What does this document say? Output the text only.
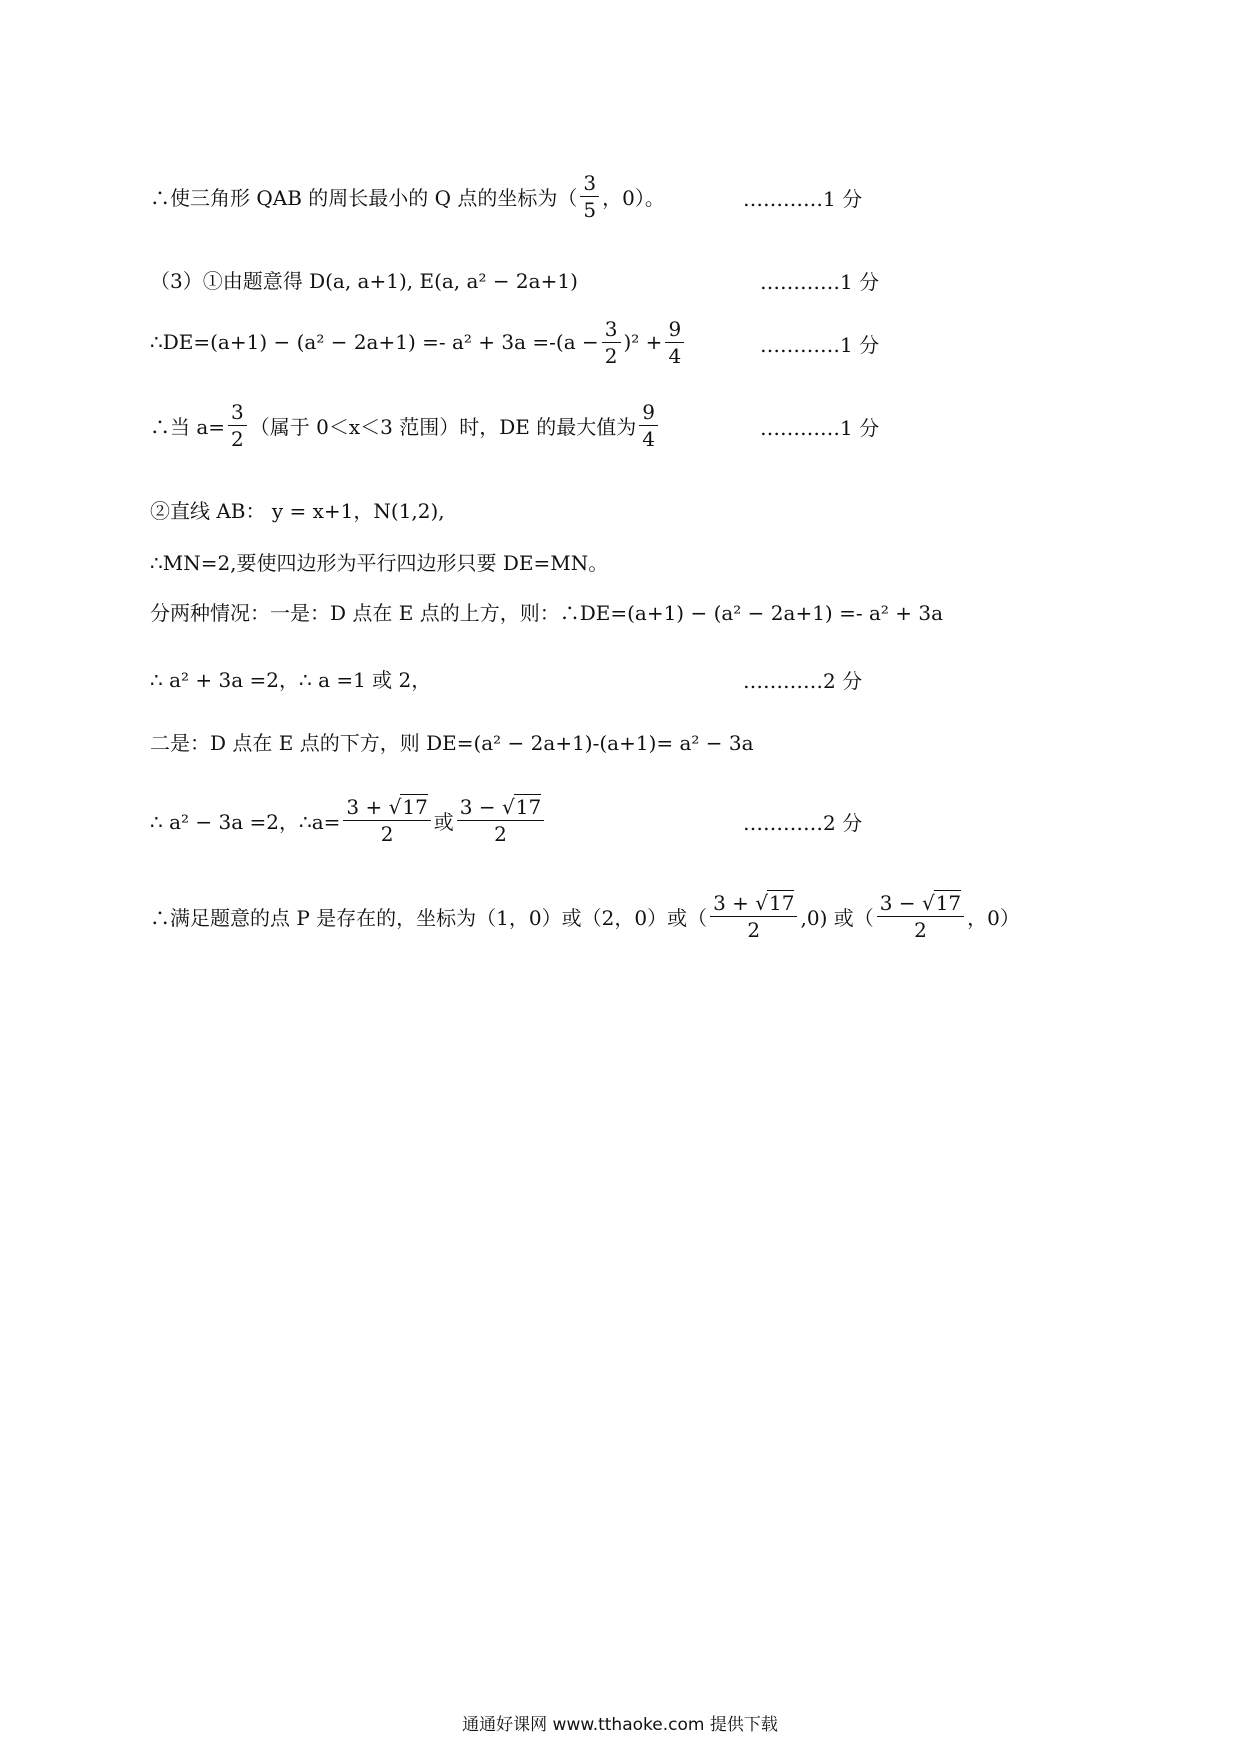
∴使三角形 QAB 的周长最小的 Q 点的坐标为（ $\frac{3}{5}$ ，0）。	…………1 分
（3）①由题意得 D(a, a+1), E(a, a² − 2a+1)	…………1 分
∴DE=(a+1) − $(a^2 - 2a+1) =- a^2 + 3a =-(a - \frac{3}{2} )^2 + \frac{9}{4}$	…………1 分
∴当 $a= \frac{3}{2}$ （属于 0＜x＜3 范围）时，DE 的最大值为 $\frac{9}{4}$	…………1 分
②直线 AB： y = x+1，N(1,2),
∴MN=2,要使四边形为平行四边形只要 DE=MN。
分两种情况：一是：D 点在 E 点的上方，则：∴DE=(a+1) − (a² − 2a+1) =- a² + 3a
∴ a² + 3a =2，∴ a =1 或 2，	…………2 分
二是：D 点在 E 点的下方，则 DE=(a² − 2a+1)-(a+1)= a² − 3a
∴ a² − 3a =2，∴a= $\frac{3 + √17}{2}$ 或 $\frac{3 - √17}{2}$	…………2 分
∴满足题意的点 P 是存在的，坐标为（1，0）或（2，0）或（ $\frac{3 + √17}{2} ,0$) 或（ $\frac{3 - √17}{2}$ ，0）
通通好课网 www.tthaoke.com 提供下载
